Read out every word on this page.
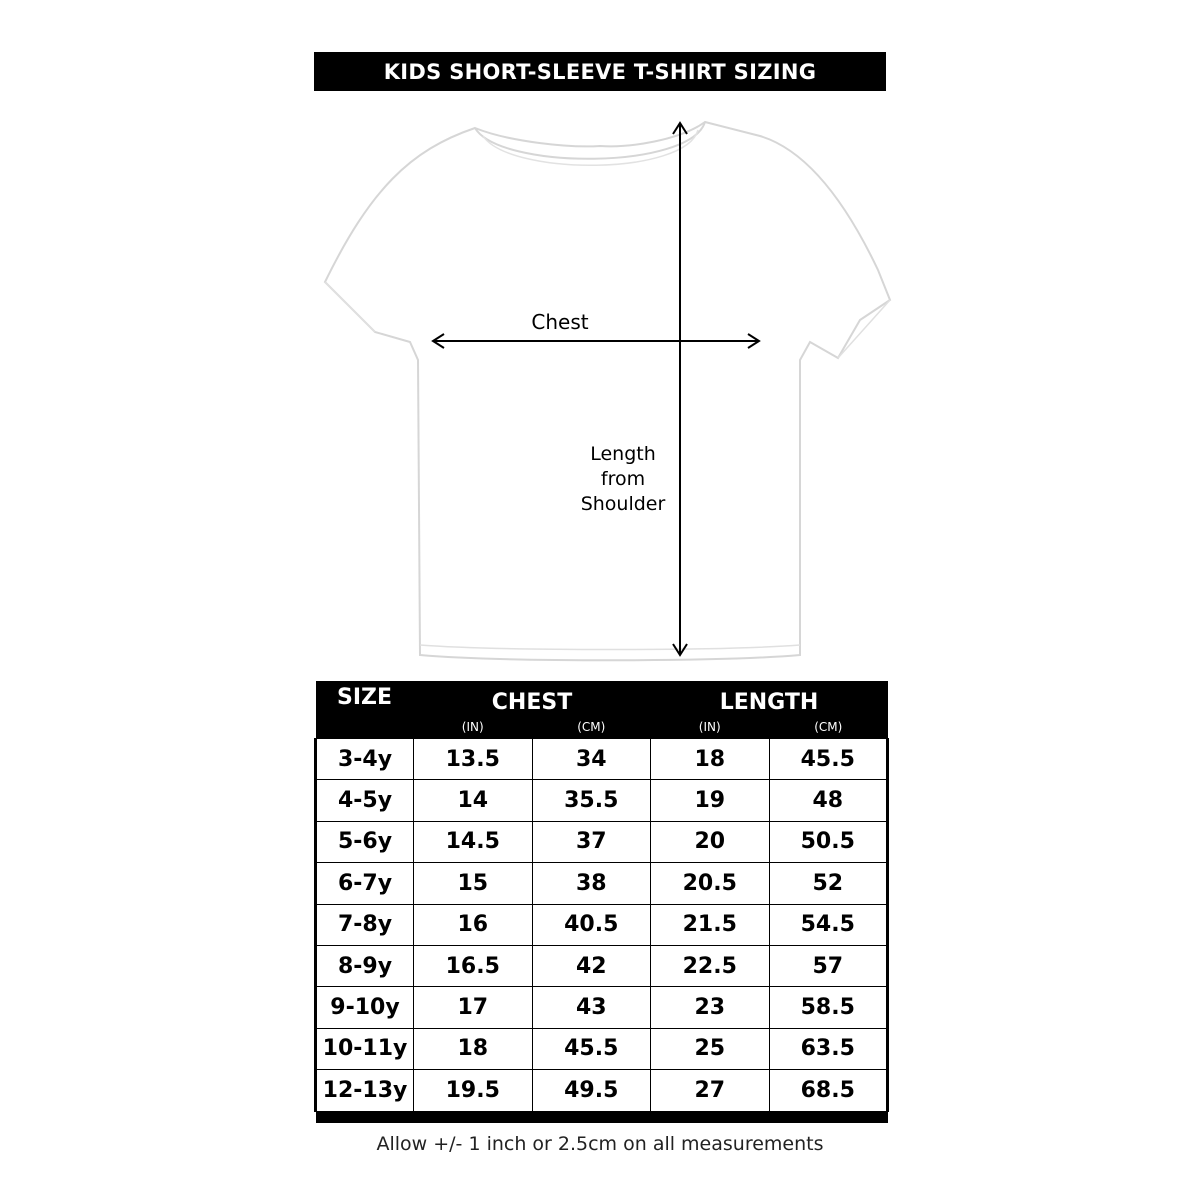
KIDS SHORT-SLEEVE T-SHIRT SIZING
Chest
Length
from
Shoulder
SIZE	CHEST		LENGTH	
	(IN)	(CM)	(IN)	(CM)
3-4y	13.5	34	18	45.5
4-5y	14	35.5	19	48
5-6y	14.5	37	20	50.5
6-7y	15	38	20.5	52
7-8y	16	40.5	21.5	54.5
8-9y	16.5	42	22.5	57
9-10y	17	43	23	58.5
10-11y	18	45.5	25	63.5
12-13y	19.5	49.5	27	68.5

Allow +/- 1 inch or 2.5cm on all measurements
